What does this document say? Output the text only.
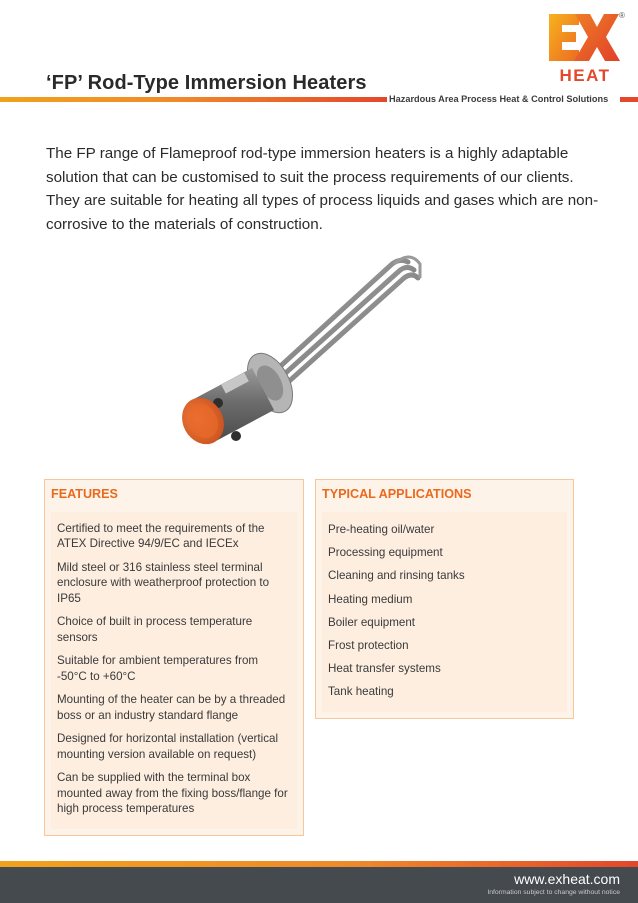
‘FP’ Rod-Type Immersion Heaters
Hazardous Area Process Heat & Control Solutions
HEAT
®

The FP range of Flameproof rod-type immersion heaters is a highly adaptable solution that can be customised to suit the process requirements of our clients. They are suitable for heating all types of process liquids and gases which are non-corrosive to the materials of construction.

FEATURES

Certified to meet the requirements of the ATEX Directive 94/9/EC and IECEx

Mild steel or 316 stainless steel terminal enclosure with weatherproof protection to IP65

Choice of built in process temperature sensors

Suitable for ambient temperatures from -50°C to +60°C

Mounting of the heater can be by a threaded boss or an industry standard flange

Designed for horizontal installation (vertical mounting version available on request)

Can be supplied with the terminal box mounted away from the fixing boss/flange for high process temperatures

TYPICAL APPLICATIONS

Pre-heating oil/water

Processing equipment

Cleaning and rinsing tanks

Heating medium

Boiler equipment

Frost protection

Heat transfer systems

Tank heating

www.exheat.com
Information subject to change without notice
